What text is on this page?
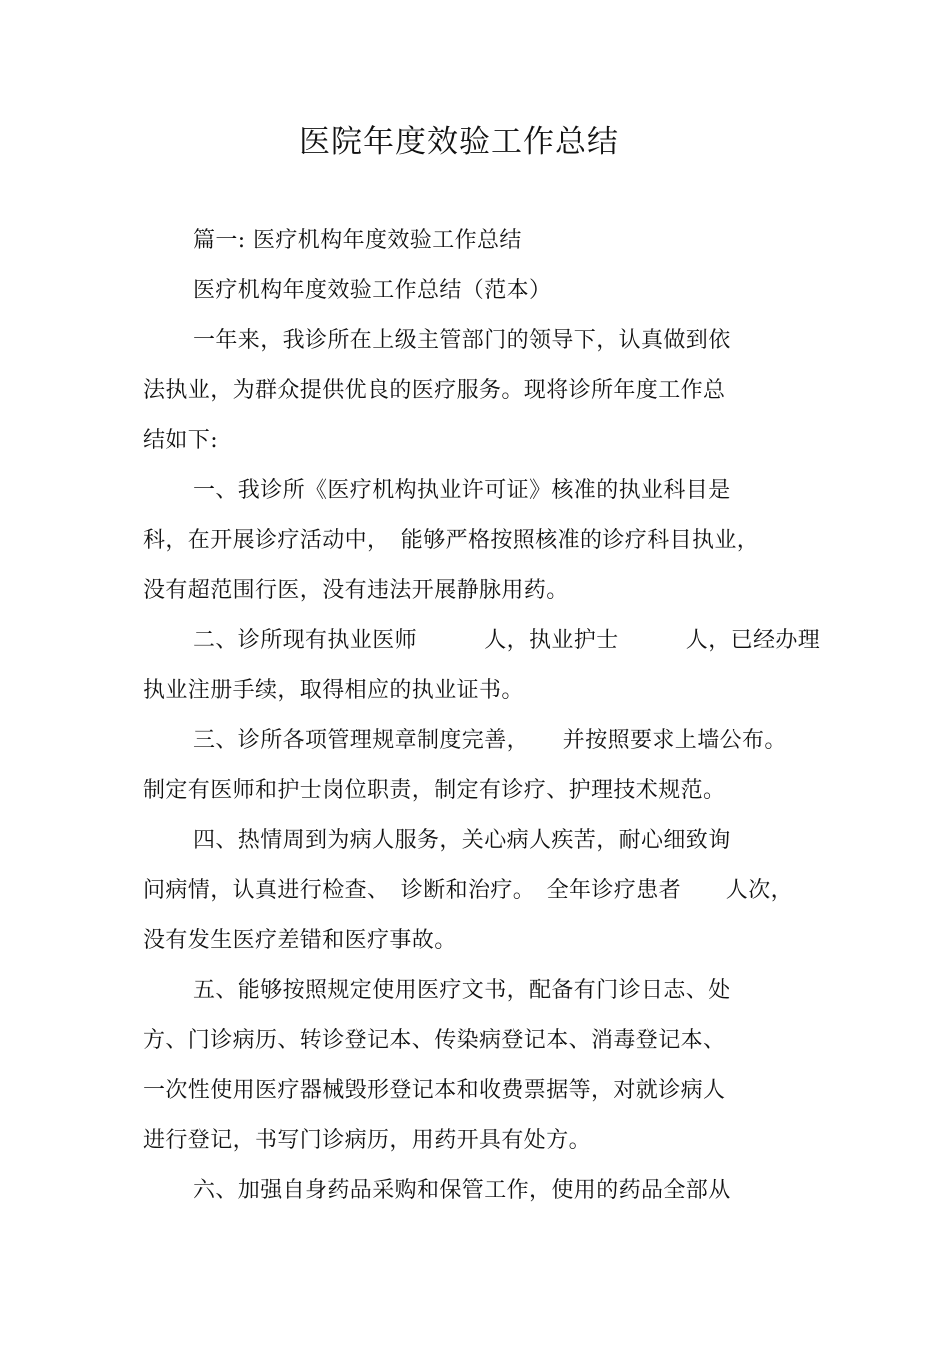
医院年度效验工作总结
篇一: 医疗机构年度效验工作总结
医疗机构年度效验工作总结（范本）
一年来，我诊所在上级主管部门的领导下，认真做到依
法执业，为群众提供优良的医疗服务。现将诊所年度工作总
结如下:
一、我诊所《医疗机构执业许可证》核准的执业科目是
科，在开展诊疗活动中，　能够严格按照核准的诊疗科目执业，
没有超范围行医，没有违法开展静脉用药。
二、诊所现有执业医师　　　人，执业护士　　　人，已经办理
执业注册手续，取得相应的执业证书。
三、诊所各项管理规章制度完善，　　并按照要求上墙公布。
制定有医师和护士岗位职责，制定有诊疗、护理技术规范。
四、热情周到为病人服务，关心病人疾苦，耐心细致询
问病情，认真进行检查、　诊断和治疗。　全年诊疗患者　　人次，
没有发生医疗差错和医疗事故。
五、能够按照规定使用医疗文书，配备有门诊日志、处
方、门诊病历、转诊登记本、传染病登记本、消毒登记本、
一次性使用医疗器械毁形登记本和收费票据等，对就诊病人
进行登记，书写门诊病历，用药开具有处方。
六、加强自身药品采购和保管工作，使用的药品全部从
